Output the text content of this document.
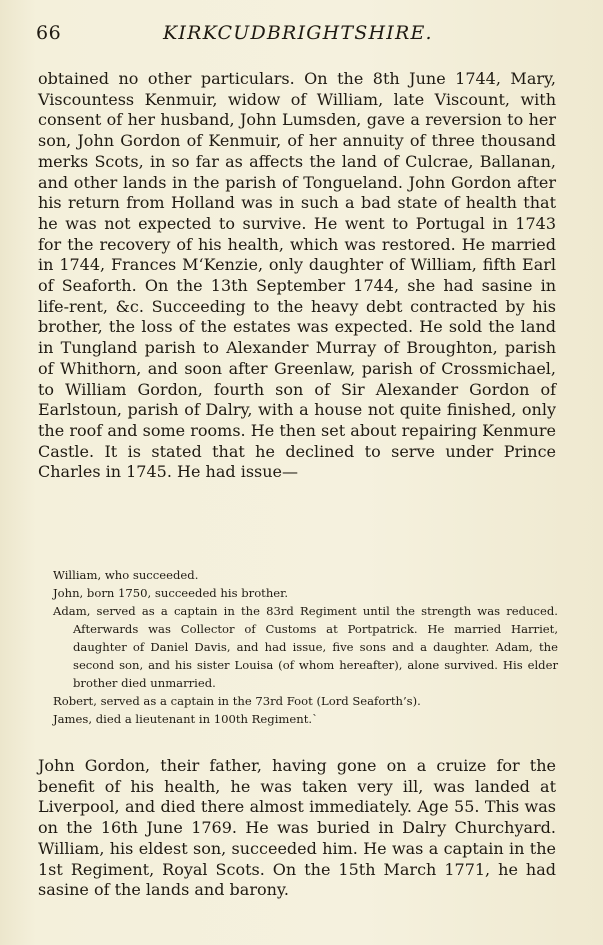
66	KIRKCUDBRIGHTSHIRE.

obtained no other particulars. On the 8th June 1744, Mary, Viscountess Kenmuir, widow of William, late Viscount, with consent of her husband, John Lumsden, gave a reversion to her son, John Gordon of Kenmuir, of her annuity of three thousand merks Scots, in so far as affects the land of Culcrae, Ballanan, and other lands in the parish of Tongueland. John Gordon after his return from Holland was in such a bad state of health that he was not expected to survive. He went to Portugal in 1743 for the recovery of his health, which was restored. He married in 1744, Frances M‘Kenzie, only daughter of William, fifth Earl of Seaforth. On the 13th September 1744, she had sasine in life-rent, &c. Succeeding to the heavy debt contracted by his brother, the loss of the estates was expected. He sold the land in Tungland parish to Alexander Murray of Broughton, parish of Whithorn, and soon after Greenlaw, parish of Crossmichael, to William Gordon, fourth son of Sir Alexander Gordon of Earlstoun, parish of Dalry, with a house not quite finished, only the roof and some rooms. He then set about repairing Kenmure Castle. It is stated that he declined to serve under Prince Charles in 1745. He had issue—

William, who succeeded.
John, born 1750, succeeded his brother.
Adam, served as a captain in the 83rd Regiment until the strength was reduced. Afterwards was Collector of Customs at Portpatrick. He married Harriet, daughter of Daniel Davis, and had issue, five sons and a daughter. Adam, the second son, and his sister Louisa (of whom hereafter), alone survived. His elder brother died unmarried.
Robert, served as a captain in the 73rd Foot (Lord Seaforth’s).
James, died a lieutenant in 100th Regiment.`

John Gordon, their father, having gone on a cruize for the benefit of his health, he was taken very ill, was landed at Liverpool, and died there almost immediately. Age 55. This was on the 16th June 1769. He was buried in Dalry Churchyard. William, his eldest son, succeeded him. He was a captain in the 1st Regiment, Royal Scots. On the 15th March 1771, he had sasine of the lands and barony.
